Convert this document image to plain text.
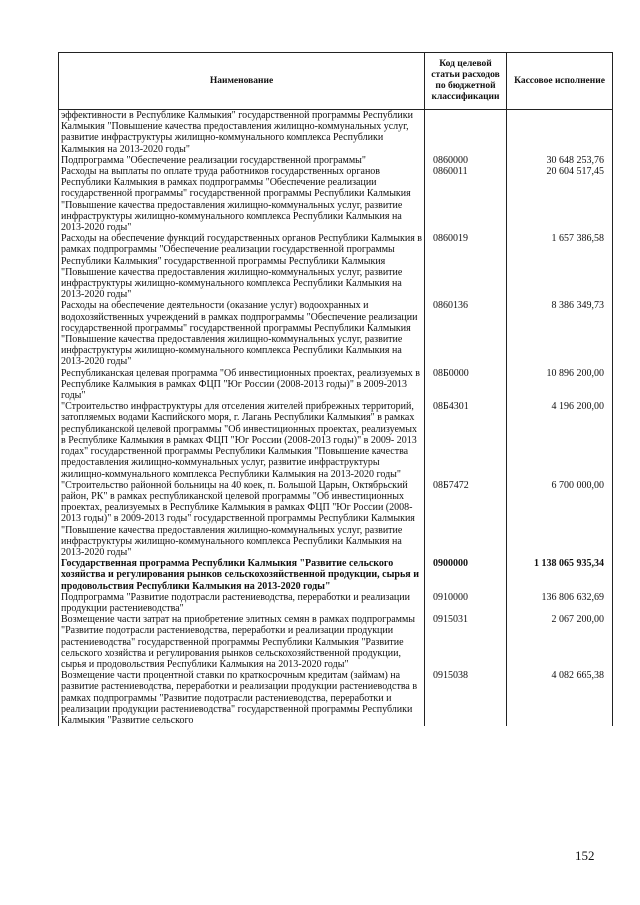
Наименование	Код целевой статьи расходов по бюджетной классификации	Кассовое исполнение
эффективности в Республике Калмыкия" государственной программы Республики Калмыкия "Повышение качества предоставления жилищно-коммунальных услуг, развитие инфраструктуры жилищно-коммунального комплекса Республики Калмыкия на 2013-2020 годы"		
Подпрограмма "Обеспечение реализации государственной программы"	0860000	30 648 253,76
Расходы на выплаты по оплате труда работников государственных органов Республики Калмыкия в рамках подпрограммы "Обеспечение реализации государственной программы" государственной программы Республики Калмыкия "Повышение качества предоставления жилищно-коммунальных услуг, развитие инфраструктуры жилищно-коммунального комплекса Республики Калмыкия на 2013-2020 годы"	0860011	20 604 517,45
Расходы на обеспечение функций государственных органов Республики Калмыкия в рамках подпрограммы "Обеспечение реализации государственной программы Республики Калмыкия" государственной программы Республики Калмыкия "Повышение качества предоставления жилищно-коммунальных услуг, развитие инфраструктуры жилищно-коммунального комплекса Республики Калмыкия на 2013-2020 годы"	0860019	1 657 386,58
Расходы на обеспечение деятельности (оказание услуг) водоохранных и водохозяйственных учреждений в рамках подпрограммы "Обеспечение реализации государственной программы" государственной программы Республики Калмыкия "Повышение качества предоставления жилищно-коммунальных услуг, развитие инфраструктуры жилищно-коммунального комплекса Республики Калмыкия на 2013-2020 годы"	0860136	8 386 349,73
Республиканская целевая программа "Об инвестиционных проектах, реализуемых в Республике Калмыкия в рамках ФЦП "Юг России (2008-2013 годы)" в 2009-2013 годы"	08Б0000	10 896 200,00
"Строительство инфраструктуры для отселения жителей прибрежных территорий, затопляемых водами Каспийского моря, г. Лагань Республики Калмыкия" в рамках республиканской целевой программы "Об инвестиционных проектах, реализуемых в Республике Калмыкия в рамках ФЦП "Юг России (2008-2013 годы)" в 2009- 2013 годах" государственной программы Республики Калмыкия "Повышение качества предоставления жилищно-коммунальных услуг, развитие инфраструктуры жилищно-коммунального комплекса Республики Калмыкия на 2013-2020 годы"	08Б4301	4 196 200,00
"Строительство районной больницы на 40 коек, п. Большой Царын, Октябрьский район, РК" в рамках республиканской целевой программы "Об инвестиционных проектах, реализуемых в Республике Калмыкия в рамках ФЦП "Юг России (2008-2013 годы)" в 2009-2013 годы" государственной программы Республики Калмыкия "Повышение качества предоставления жилищно-коммунальных услуг, развитие инфраструктуры жилищно-коммунального комплекса Республики Калмыкия на 2013-2020 годы"	08Б7472	6 700 000,00
Государственная программа Республики Калмыкия "Развитие сельского хозяйства и регулирования рынков сельскохозяйственной продукции, сырья и продовольствия Республики Калмыкия на 2013-2020 годы"	0900000	1 138 065 935,34
Подпрограмма "Развитие подотрасли растениеводства, переработки и реализации продукции растениеводства"	0910000	136 806 632,69
Возмещение части затрат на приобретение элитных семян в рамках подпрограммы "Развитие подотрасли растениеводства, переработки и реализации продукции растениеводства" государственной программы Республики Калмыкия "Развитие сельского хозяйства и регулирования рынков сельскохозяйственной продукции, сырья и продовольствия Республики Калмыкия на 2013-2020 годы"	0915031	2 067 200,00
Возмещение части процентной ставки по краткосрочным кредитам (займам) на развитие растениеводства, переработки и реализации продукции растениеводства в рамках подпрограммы "Развитие подотрасли растениеводства, переработки и реализации продукции растениеводства" государственной программы Республики Калмыкия "Развитие сельского	0915038	4 082 665,38
152
